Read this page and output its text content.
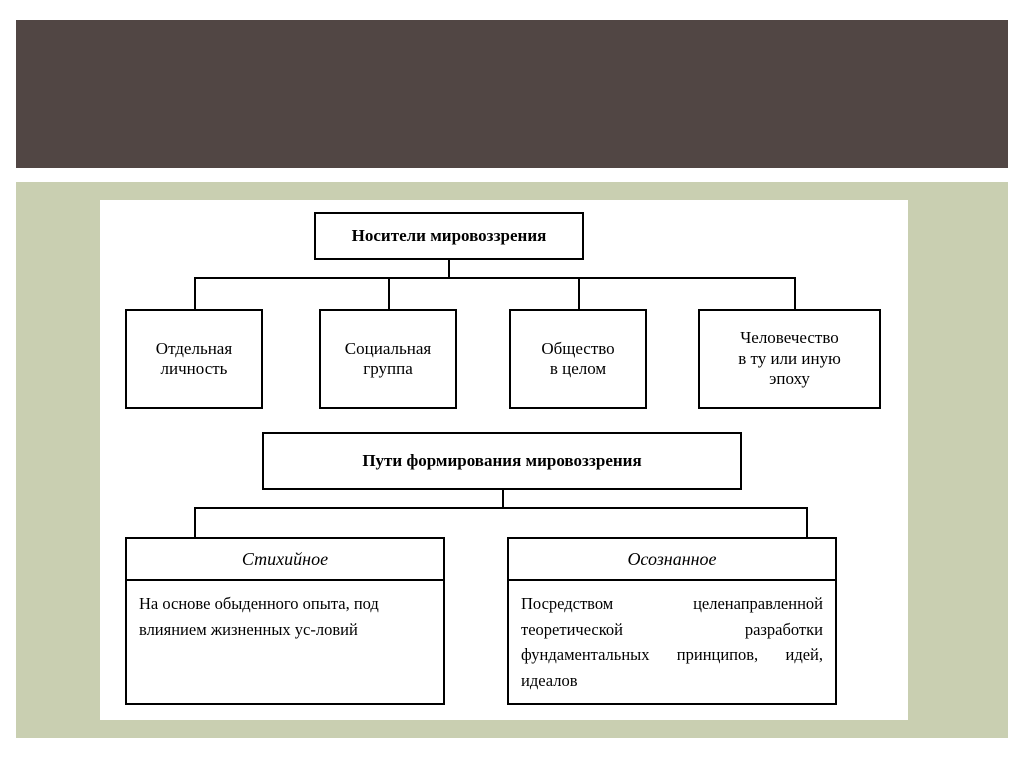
Носители мировоззрения
Отдельная
личность
Социальная
группа
Общество
в целом
Человечество
в ту или иную
эпоху
Пути формирования мировоззрения
Стихийное
На основе обыденного опыта, под влиянием жизненных ус-ловий
Осознанное
Посредством целенаправленной теоретической разработки фундаментальных принципов, идей, идеалов
